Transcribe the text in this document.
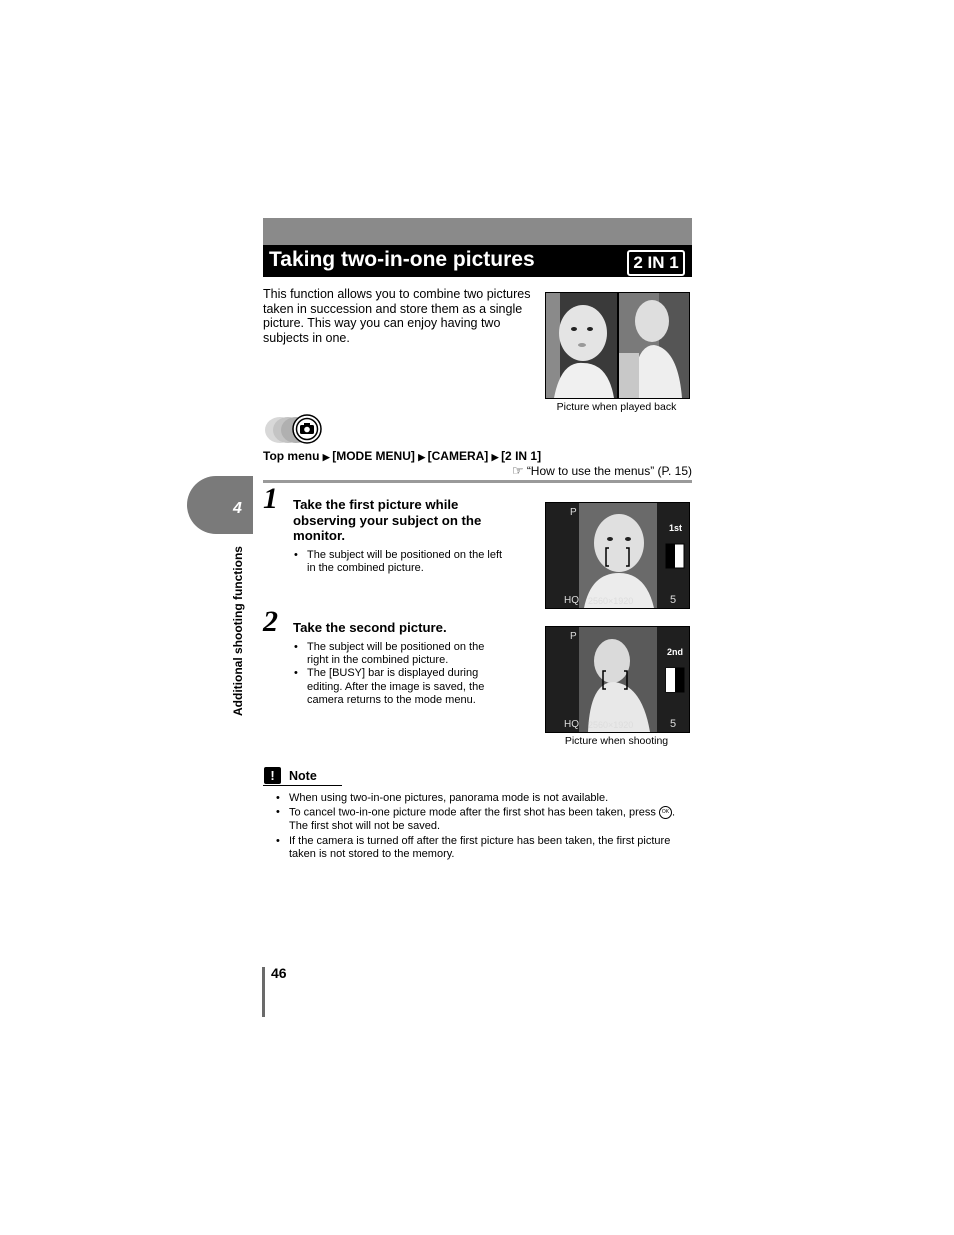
Taking two-in-one pictures	2 IN 1
This function allows you to combine two pictures taken in succession and store them as a single picture. This way you can enjoy having two subjects in one.
Picture when played back
Top menu ▶ [MODE MENU] ▶ [CAMERA] ▶ [2 IN 1]
☞ “How to use the menus” (P. 15)
4
Additional shooting functions
1 Take the first picture while observing your subject on the monitor.
• The subject will be positioned on the left in the combined picture.
P
1st
HQ 2560×1920	5
2 Take the second picture.
• The subject will be positioned on the right in the combined picture.
• The [BUSY] bar is displayed during editing. After the image is saved, the camera returns to the mode menu.
P
2nd
HQ 2560×1920	5
Picture when shooting
!	Note
• When using two-in-one pictures, panorama mode is not available.
• To cancel two-in-one picture mode after the first shot has been taken, press OK . The first shot will not be saved.
• If the camera is turned off after the first picture has been taken, the first picture taken is not stored to the memory.
46
